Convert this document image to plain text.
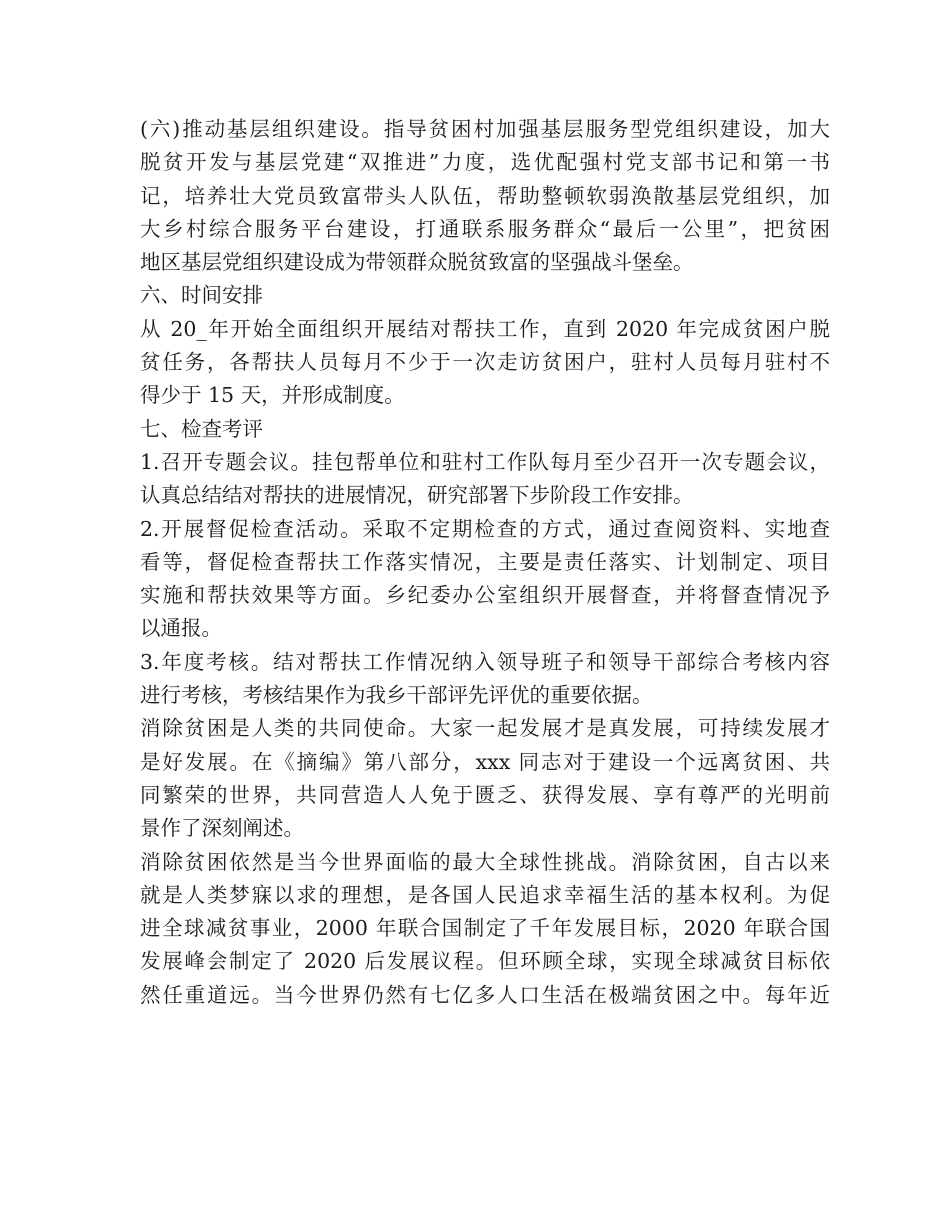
(六)推动基层组织建设。指导贫困村加强基层服务型党组织建设，加大
脱贫开发与基层党建“双推进”力度，选优配强村党支部书记和第一书
记，培养壮大党员致富带头人队伍，帮助整顿软弱涣散基层党组织，加
大乡村综合服务平台建设，打通联系服务群众“最后一公里”，把贫困
地区基层党组织建设成为带领群众脱贫致富的坚强战斗堡垒。
六、时间安排
从 20_年开始全面组织开展结对帮扶工作，直到 2020 年完成贫困户脱
贫任务，各帮扶人员每月不少于一次走访贫困户，驻村人员每月驻村不
得少于 15 天，并形成制度。
七、检查考评
1.召开专题会议。挂包帮单位和驻村工作队每月至少召开一次专题会议，
认真总结结对帮扶的进展情况，研究部署下步阶段工作安排。
2.开展督促检查活动。采取不定期检查的方式，通过查阅资料、实地查
看等，督促检查帮扶工作落实情况，主要是责任落实、计划制定、项目
实施和帮扶效果等方面。乡纪委办公室组织开展督查，并将督查情况予
以通报。
3.年度考核。结对帮扶工作情况纳入领导班子和领导干部综合考核内容
进行考核，考核结果作为我乡干部评先评优的重要依据。
消除贫困是人类的共同使命。大家一起发展才是真发展，可持续发展才
是好发展。在《摘编》第八部分，xxx 同志对于建设一个远离贫困、共
同繁荣的世界，共同营造人人免于匮乏、获得发展、享有尊严的光明前
景作了深刻阐述。
消除贫困依然是当今世界面临的最大全球性挑战。消除贫困，自古以来
就是人类梦寐以求的理想，是各国人民追求幸福生活的基本权利。为促
进全球减贫事业，2000 年联合国制定了千年发展目标，2020 年联合国
发展峰会制定了 2020 后发展议程。但环顾全球，实现全球减贫目标依
然任重道远。当今世界仍然有七亿多人口生活在极端贫困之中。每年近
